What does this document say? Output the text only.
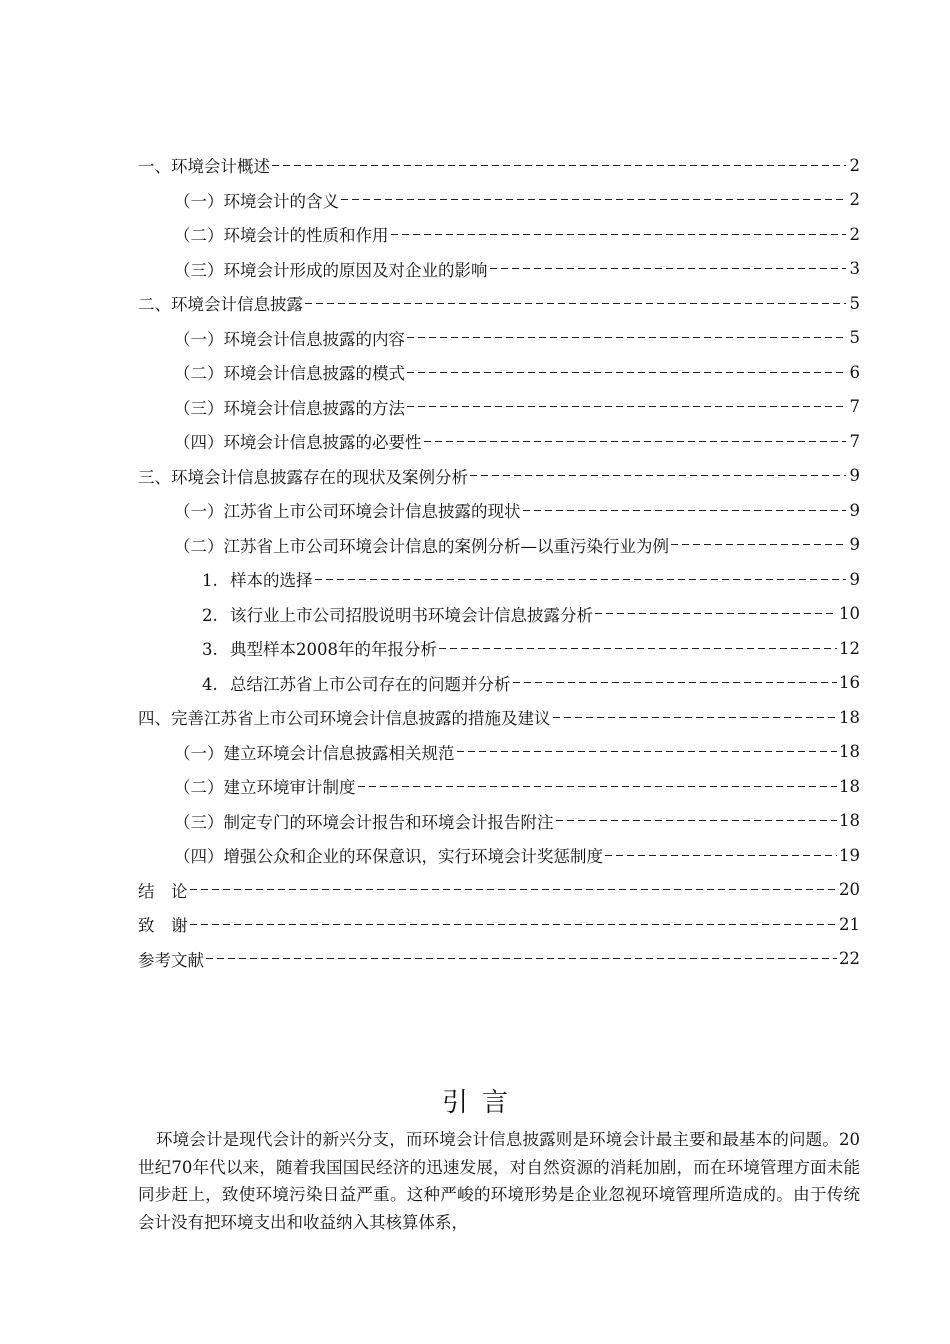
一、环境会计概述	2
（一）环境会计的含义	2
（二）环境会计的性质和作用	2
（三）环境会计形成的原因及对企业的影响	3
二、环境会计信息披露	5
（一）环境会计信息披露的内容	5
（二）环境会计信息披露的模式	6
（三）环境会计信息披露的方法	7
（四）环境会计信息披露的必要性	7
三、环境会计信息披露存在的现状及案例分析	9
（一）江苏省上市公司环境会计信息披露的现状	9
（二）江苏省上市公司环境会计信息的案例分析—以重污染行业为例	9
1. 样本的选择	9
2. 该行业上市公司招股说明书环境会计信息披露分析	10
3. 典型样本2008年的年报分析	12
4. 总结江苏省上市公司存在的问题并分析	16
四、完善江苏省上市公司环境会计信息披露的措施及建议	18
（一）建立环境会计信息披露相关规范	18
（二）建立环境审计制度	18
（三）制定专门的环境会计报告和环境会计报告附注	18
（四）增强公众和企业的环保意识，实行环境会计奖惩制度	19
结　论	20
致　谢	21
参考文献	22
引言

环境会计是现代会计的新兴分支，而环境会计信息披露则是环境会计最主要和最基本的问题。20世纪70年代以来，随着我国国民经济的迅速发展，对自然资源的消耗加剧，而在环境管理方面未能同步赶上，致使环境污染日益严重。这种严峻的环境形势是企业忽视环境管理所造成的。由于传统会计没有把环境支出和收益纳入其核算体系，
